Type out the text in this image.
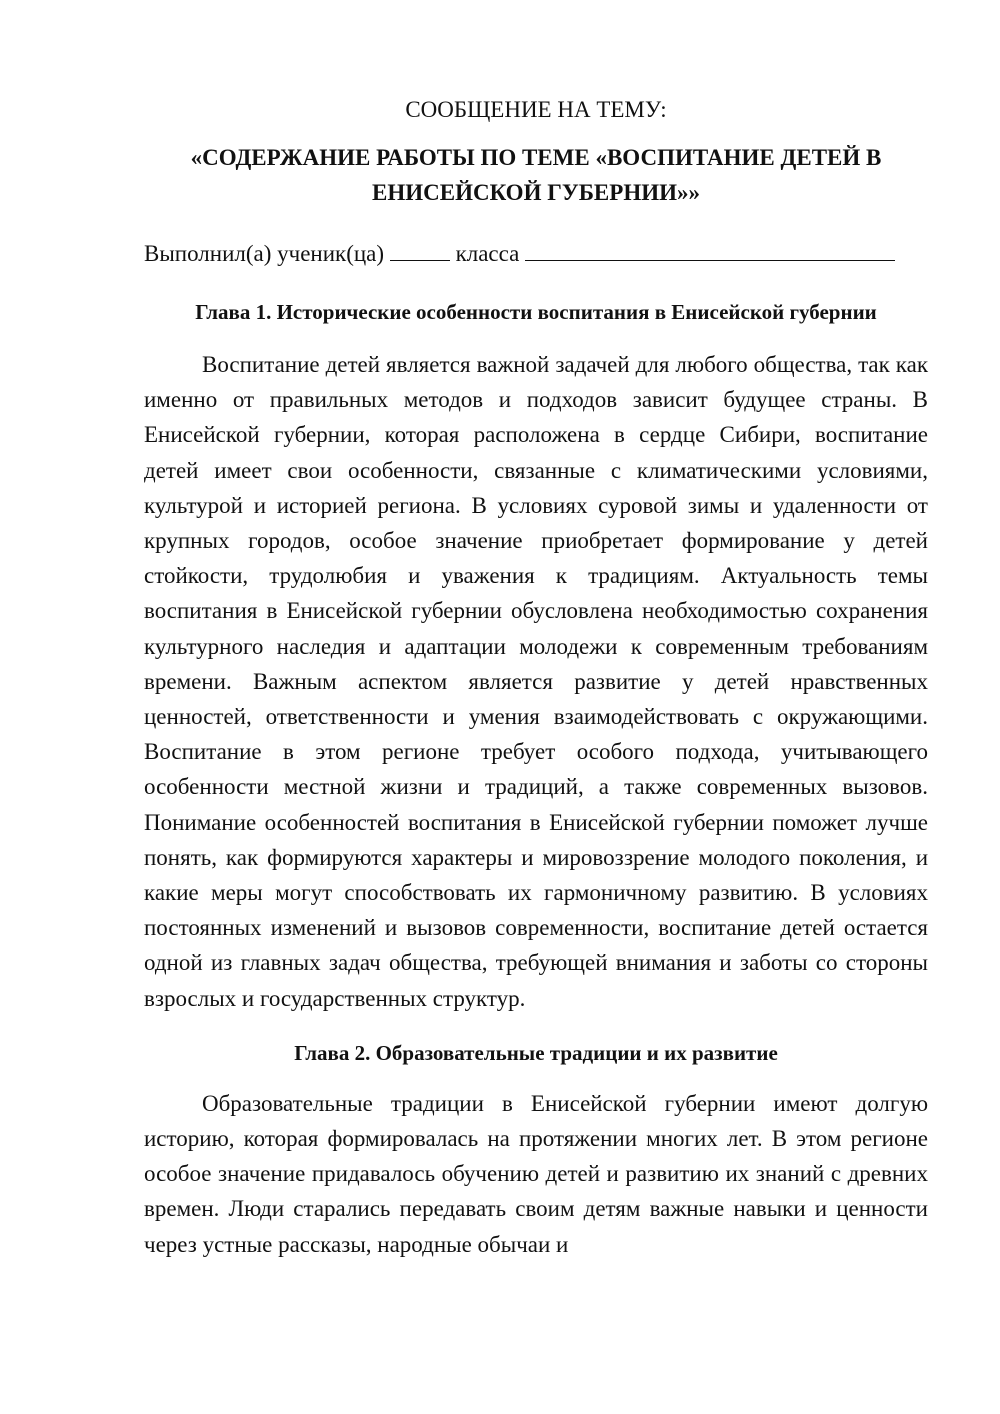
СООБЩЕНИЕ НА ТЕМУ:

«СОДЕРЖАНИЕ РАБОТЫ ПО ТЕМЕ «ВОСПИТАНИЕ ДЕТЕЙ В ЕНИСЕЙСКОЙ ГУБЕРНИИ»»

Выполнил(а) ученик(ца)	класса

Глава 1. Исторические особенности воспитания в Енисейской губернии

Воспитание детей является важной задачей для любого общества, так как именно от правильных методов и подходов зависит будущее страны. В Енисейской губернии, которая расположена в сердце Сибири, воспитание детей имеет свои особенности, связанные с климатическими условиями, культурой и историей региона. В условиях суровой зимы и удаленности от крупных городов, особое значение приобретает формирование у детей стойкости, трудолюбия и уважения к традициям. Актуальность темы воспитания в Енисейской губернии обусловлена необходимостью сохранения культурного наследия и адаптации молодежи к современным требованиям времени. Важным аспектом является развитие у детей нравственных ценностей, ответственности и умения взаимодействовать с окружающими. Воспитание в этом регионе требует особого подхода, учитывающего особенности местной жизни и традиций, а также современных вызовов. Понимание особенностей воспитания в Енисейской губернии поможет лучше понять, как формируются характеры и мировоззрение молодого поколения, и какие меры могут способствовать их гармоничному развитию. В условиях постоянных изменений и вызовов современности, воспитание детей остается одной из главных задач общества, требующей внимания и заботы со стороны взрослых и государственных структур.

Глава 2. Образовательные традиции и их развитие

Образовательные традиции в Енисейской губернии имеют долгую историю, которая формировалась на протяжении многих лет. В этом регионе особое значение придавалось обучению детей и развитию их знаний с древних времен. Люди старались передавать своим детям важные навыки и ценности через устные рассказы, народные обычаи и
